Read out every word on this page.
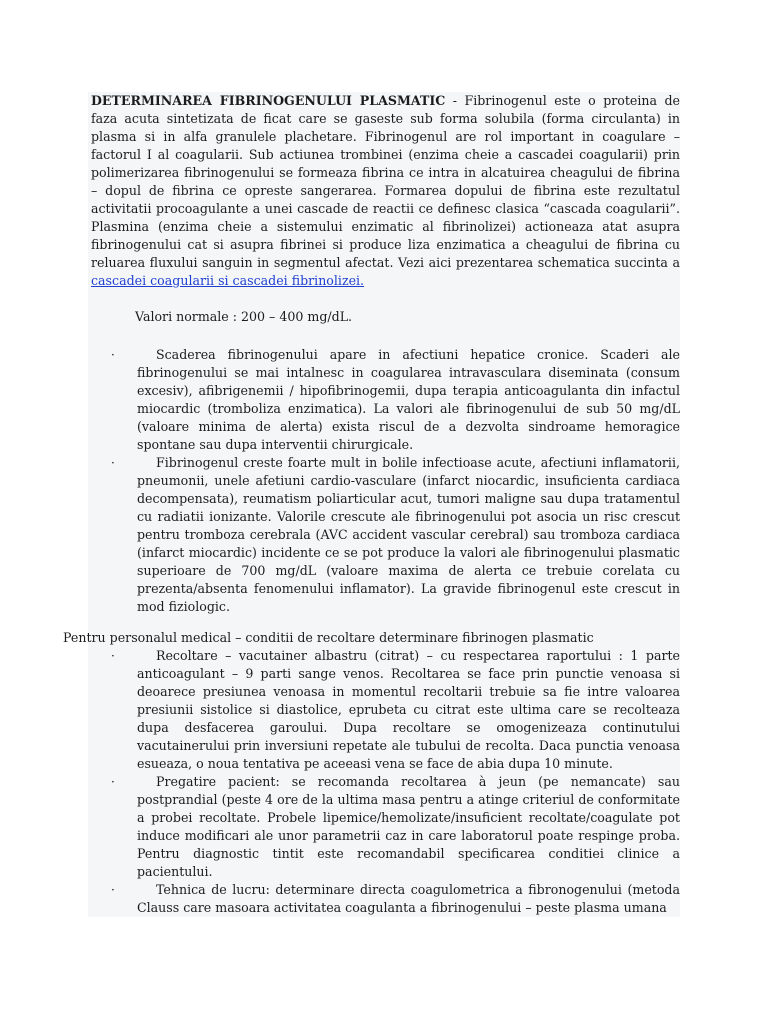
DETERMINAREA FIBRINOGENULUI PLASMATIC - Fibrinogenul este o proteina de faza acuta sintetizata de ficat care se gaseste sub forma solubila (forma circulanta) in plasma si in alfa granulele plachetare. Fibrinogenul are rol important in coagulare – factorul I al coagularii. Sub actiunea trombinei (enzima cheie a cascadei coagularii) prin polimerizarea fibrinogenului se formeaza fibrina ce intra in alcatuirea cheagului de fibrina – dopul de fibrina ce opreste sangerarea. Formarea dopului de fibrina este rezultatul activitatii procoagulante a unei cascade de reactii ce definesc clasica “cascada coagularii”. Plasmina (enzima cheie a sistemului enzimatic al fibrinolizei) actioneaza atat asupra fibrinogenului cat si asupra fibrinei si produce liza enzimatica a cheagului de fibrina cu reluarea fluxului sanguin in segmentul afectat. Vezi aici prezentarea schematica succinta a cascadei coagularii si cascadei fibrinolizei.

Valori normale : 200 – 400 mg/dL.
·	Scaderea fibrinogenului apare in afectiuni hepatice cronice. Scaderi ale fibrinogenului se mai intalnesc in coagularea intravasculara diseminata (consum excesiv), afibrigenemii / hipofibrinogemii, dupa terapia anticoagulanta din infactul miocardic (tromboliza enzimatica). La valori ale fibrinogenului de sub 50 mg/dL (valoare minima de alerta) exista riscul de a dezvolta sindroame hemoragice spontane sau dupa interventii chirurgicale.
·	Fibrinogenul creste foarte mult in bolile infectioase acute, afectiuni inflamatorii, pneumonii, unele afetiuni cardio-vasculare (infarct niocardic, insuficienta cardiaca decompensata), reumatism poliarticular acut, tumori maligne sau dupa tratamentul cu radiatii ionizante. Valorile crescute ale fibrinogenului pot asocia un risc crescut pentru tromboza cerebrala (AVC accident vascular cerebral) sau tromboza cardiaca (infarct miocardic) incidente ce se pot produce la valori ale fibrinogenului plasmatic superioare de 700 mg/dL (valoare maxima de alerta ce trebuie corelata cu prezenta/absenta fenomenului inflamator). La gravide fibrinogenul este crescut in mod fiziologic.
Pentru personalul medical – conditii de recoltare determinare fibrinogen plasmatic
·	Recoltare – vacutainer albastru (citrat) – cu respectarea raportului : 1 parte anticoagulant – 9 parti sange venos. Recoltarea se face prin punctie venoasa si deoarece presiunea venoasa in momentul recoltarii trebuie sa fie intre valoarea presiunii sistolice si diastolice, eprubeta cu citrat este ultima care se recolteaza dupa desfacerea garoului. Dupa recoltare se omogenizeaza continutului vacutainerului prin inversiuni repetate ale tubului de recolta. Daca punctia venoasa esueaza, o noua tentativa pe aceeasi vena se face de abia dupa 10 minute.
·	Pregatire pacient: se recomanda recoltarea à jeun (pe nemancate) sau postprandial (peste 4 ore de la ultima masa pentru a atinge criteriul de conformitate a probei recoltate. Probele lipemice/hemolizate/insuficient recoltate/coagulate pot induce modificari ale unor parametrii caz in care laboratorul poate respinge proba. Pentru diagnostic tintit este recomandabil specificarea conditiei clinice a pacientului.
·	Tehnica de lucru: determinare directa coagulometrica a fibronogenului (metoda Clauss care masoara activitatea coagulanta a fibrinogenului – peste plasma umana
